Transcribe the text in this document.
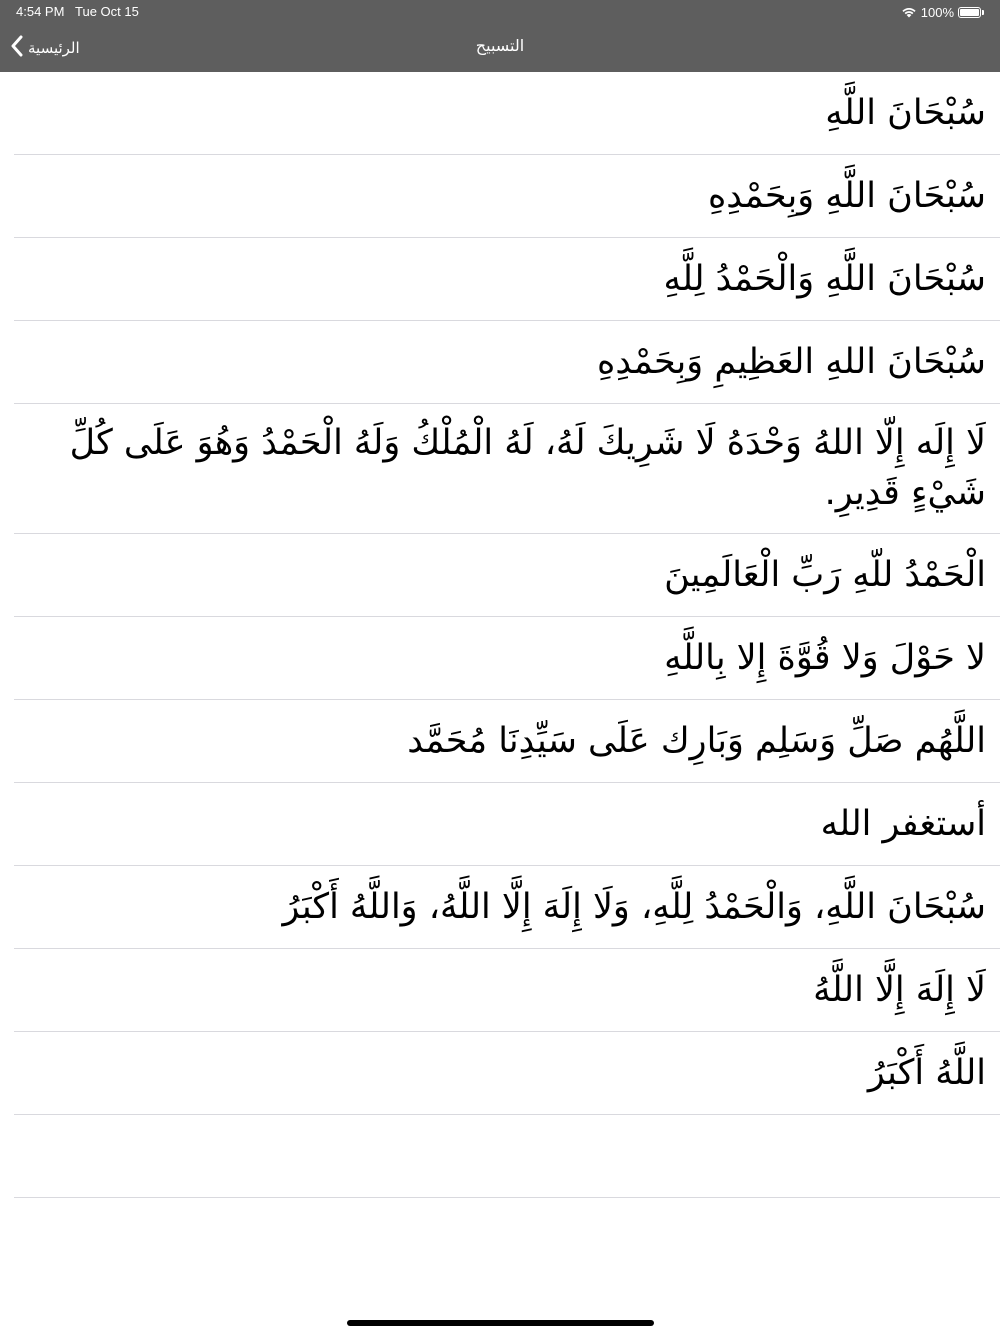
4:54 PM Tue Oct 15	100%
الرئيسية	التسبيح
سُبْحَانَ اللَّهِ
سُبْحَانَ اللَّهِ وَبِحَمْدِهِ
سُبْحَانَ اللَّهِ وَالْحَمْدُ لِلَّهِ
سُبْحَانَ اللهِ العَظِيمِ وَبِحَمْدِهِ
لَا إِلَه إِلّا اللهُ وَحْدَهُ لَا شَرِيكَ لَهُ، لَهُ الْمُلْكُ وَلَهُ الْحَمْدُ وَهُوَ عَلَى كُلِّ شَيْءٍ قَدِيرِ.
الْحَمْدُ للّهِ رَبِّ الْعَالَمِينَ
لا حَوْلَ وَلا قُوَّةَ إِلا بِاللَّهِ
اللَّهُم صَلِّ وَسَلِم وَبَارِك عَلَى سَيِّدِنَا مُحَمَّد
أستغفر الله
سُبْحَانَ اللَّهِ، وَالْحَمْدُ لِلَّهِ، وَلَا إِلَهَ إِلَّا اللَّهُ، وَاللَّهُ أَكْبَرُ
لَا إِلَهَ إِلَّا اللَّهُ
اللَّهُ أَكْبَرُ
